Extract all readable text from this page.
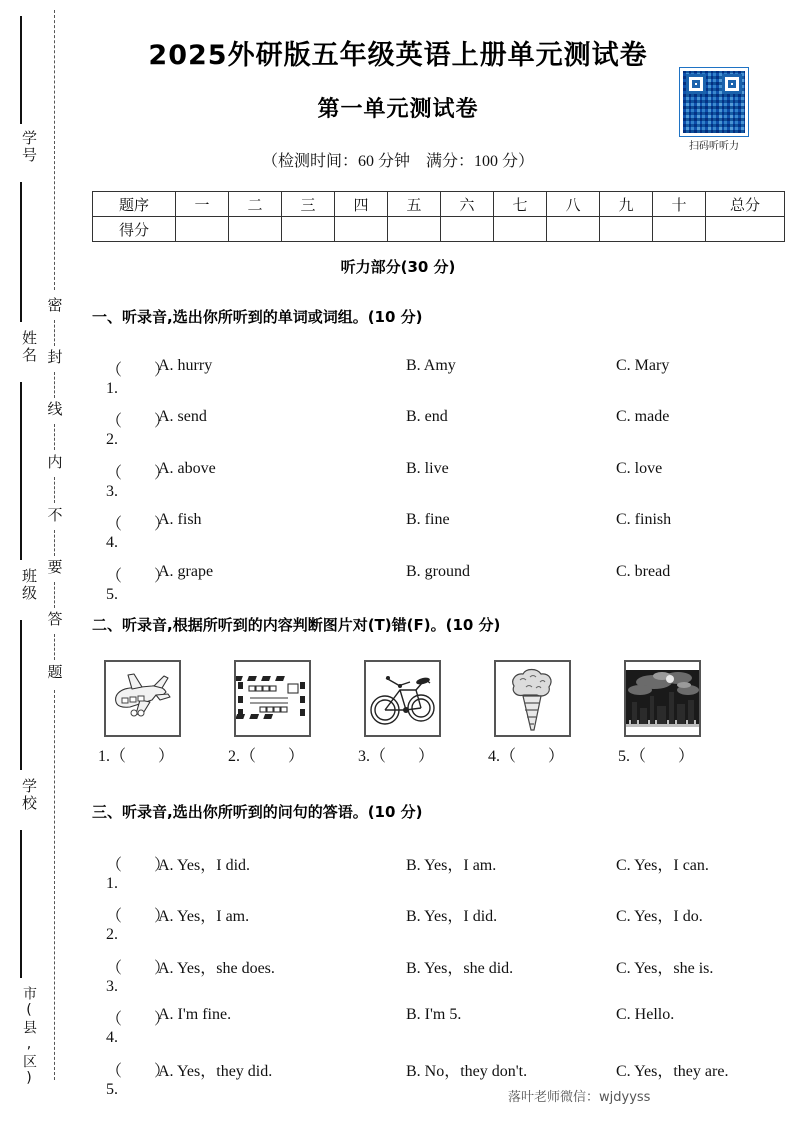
学号
姓名
班级
学校
市(县,区)
密
封
线
内
不
要
答
题
2025外研版五年级英语上册单元测试卷
第一单元测试卷
（检测时间：60 分钟　满分：100 分）
扫码听听力
题序	一	二	三	四	五	六	七	八	九	十	总分
得分											
听力部分(30 分)
一、听录音,选出你所听到的单词或词组。(10 分)
（　　）1.
A. hurry	B. Amy	C. Mary
（　　）2.
A. send	B. end	C. made
（　　）3.
A. above	B. live	C. love
（　　）4.
A. fish	B. fine	C. finish
（　　）5.
A. grape	B. ground	C. bread
二、听录音,根据所听到的内容判断图片对(T)错(F)。(10 分)
1.（　　）	2.（　　）	3.（　　）	4.（　　）	5.（　　）
三、听录音,选出你所听到的问句的答语。(10 分)
（　　）1.
A. Yes，I did.	B. Yes，I am.	C. Yes，I can.
（　　）2.
A. Yes，I am.	B. Yes，I did.	C. Yes，I do.
（　　）3.
A. Yes，she does.	B. Yes，she did.	C. Yes，she is.
（　　）4.
A. I'm fine.	B. I'm 5.	C. Hello.
（　　）5.
A. Yes，they did.	B. No，they don't.	C. Yes，they are.
落叶老师微信：wjdyyss
